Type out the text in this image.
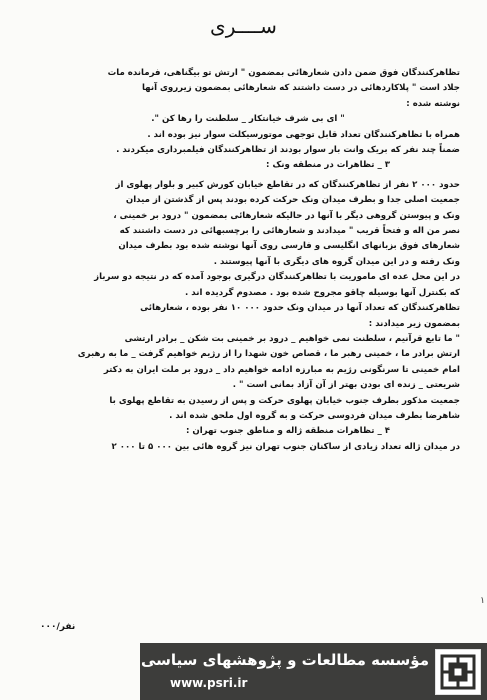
ســــری

تظاهرکنندگان فوق ضمن دادن شعارهائی بمضمون " ارتش تو بیگناهی، فرمانده مات

جلاد است " پلاکاردهائی در دست داشتند که شعارهائی بمضمون زیرروی آنها

نوشته شده :

" ای بی شرف خیانتکار _ سلطنت را رها کن ".

همراه با تظاهرکنندگان تعداد قابل توجهی موتورسیکلت سوار نیز بوده اند .

ضمناً چند نفر که بریک وانت بار سوار بودند از تظاهرکنندگان فیلمبرداری میکردند .

۳ _ تظاهرات در منطقه ونک :

حدود ۰۰۰ ۲ نفر از تظاهرکنندگان که در تقاطع خیابان کورش کبیر و بلوار پهلوی از

جمعیت اصلی جدا و بطرف میدان ونک حرکت کرده بودند پس از گذشتن از میدان

ونک و پیوستن گروهی دیگر با آنها در حالیکه شعارهائی بمضمون " درود بر خمینی ،

نصر من اله و فتحاً قریب " میدادند و شعارهائی را برچسبهائی در دست داشتند که

شعارهای فوق بزبانهای انگلیسی و فارسی روی آنها نوشته شده بود بطرف میدان

ونک رفته و در این میدان گروه های دیگری با آنها پیوستند .

در این محل عده ای ماموریت با تظاهرکنندگان درگیری بوجود آمده که در نتیجه دو سرباز

که بکنترل آنها بوسیله چاقو مجروح شده بود . مصدوم گردیده اند .

تظاهرکنندگان که تعداد آنها در میدان ونک حدود ۰۰۰ ۱۰ نفر بوده ، شعارهائی

بمضمون زیر میدادند :

" ما تابع قرآنیم ، سلطنت نمی خواهیم _ درود بر خمینی بت شکن _ برادر ارتشی

ارتش برادر ما ، خمینی رهبر ما ، قصاص خون شهدا را از رژیم خواهیم گرفت _ ما به رهبری

امام خمینی تا سرنگونی رژیم به مبارزه ادامه خواهیم داد _ درود بر ملت ایران به دکتر

شریعتی _ زنده ای بودن بهتر از آن آزاد بمانی است " .

جمعیت مذکور بطرف جنوب خیابان پهلوی حرکت و پس از رسیدن به تقاطع پهلوی با

شاهرضا بطرف میدان فردوسی حرکت و به گروه اول ملحق شده اند .

۴ _ تظاهرات منطقه ژاله و مناطق جنوب تهران :

در میدان ژاله تعداد زیادی از ساکنان جنوب تهران نیز گروه هائی بین ۰۰۰ ۵ تا ۰۰۰ ۲

نفر/۰۰۰
۱
مؤسسه مطالعات و پژوهشهای سیاسی
www.psri.ir
